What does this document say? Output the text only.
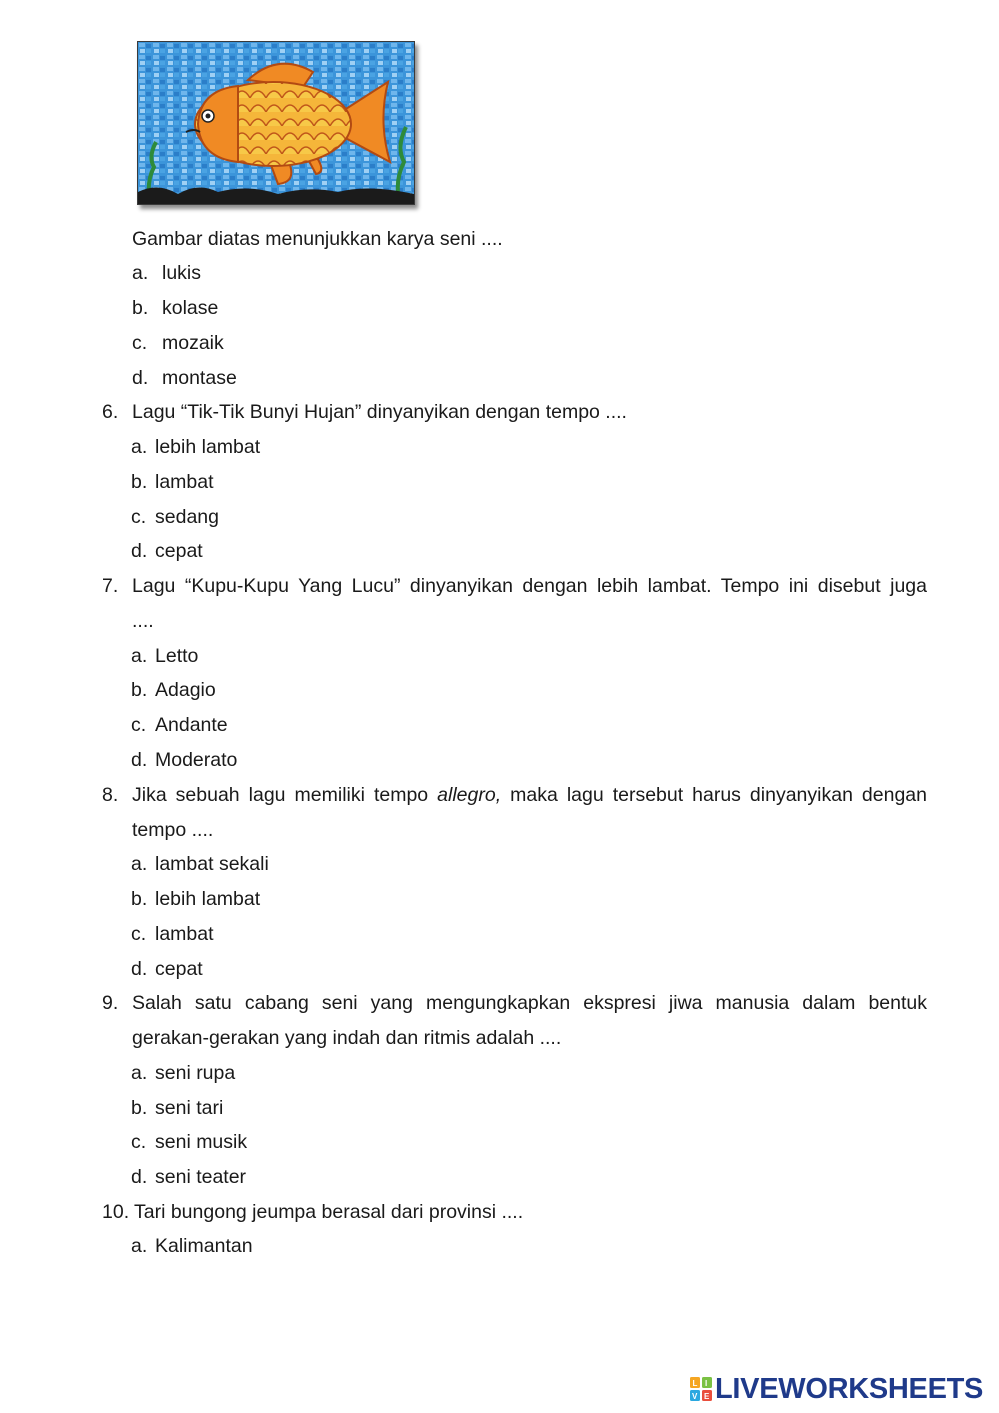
Gambar diatas menunjukkan karya seni ....
a. lukis
b. kolase
c. mozaik
d. montase
6. Lagu “Tik-Tik Bunyi Hujan” dinyanyikan dengan tempo ....
a. lebih lambat
b. lambat
c. sedang
d. cepat
7. Lagu “Kupu-Kupu Yang Lucu” dinyanyikan dengan lebih lambat. Tempo ini disebut juga
....
a. Letto
b. Adagio
c. Andante
d. Moderato
8. Jika sebuah lagu memiliki tempo allegro, maka lagu tersebut harus dinyanyikan dengan
tempo ....
a. lambat sekali
b. lebih lambat
c. lambat
d. cepat
9. Salah satu cabang seni yang mengungkapkan ekspresi jiwa manusia dalam bentuk
gerakan-gerakan yang indah dan ritmis adalah ....
a. seni rupa
b. seni tari
c. seni musik
d. seni teater
10. Tari bungong jeumpa berasal dari provinsi ....
a. Kalimantan
L I
V E LIVEWORKSHEETS
